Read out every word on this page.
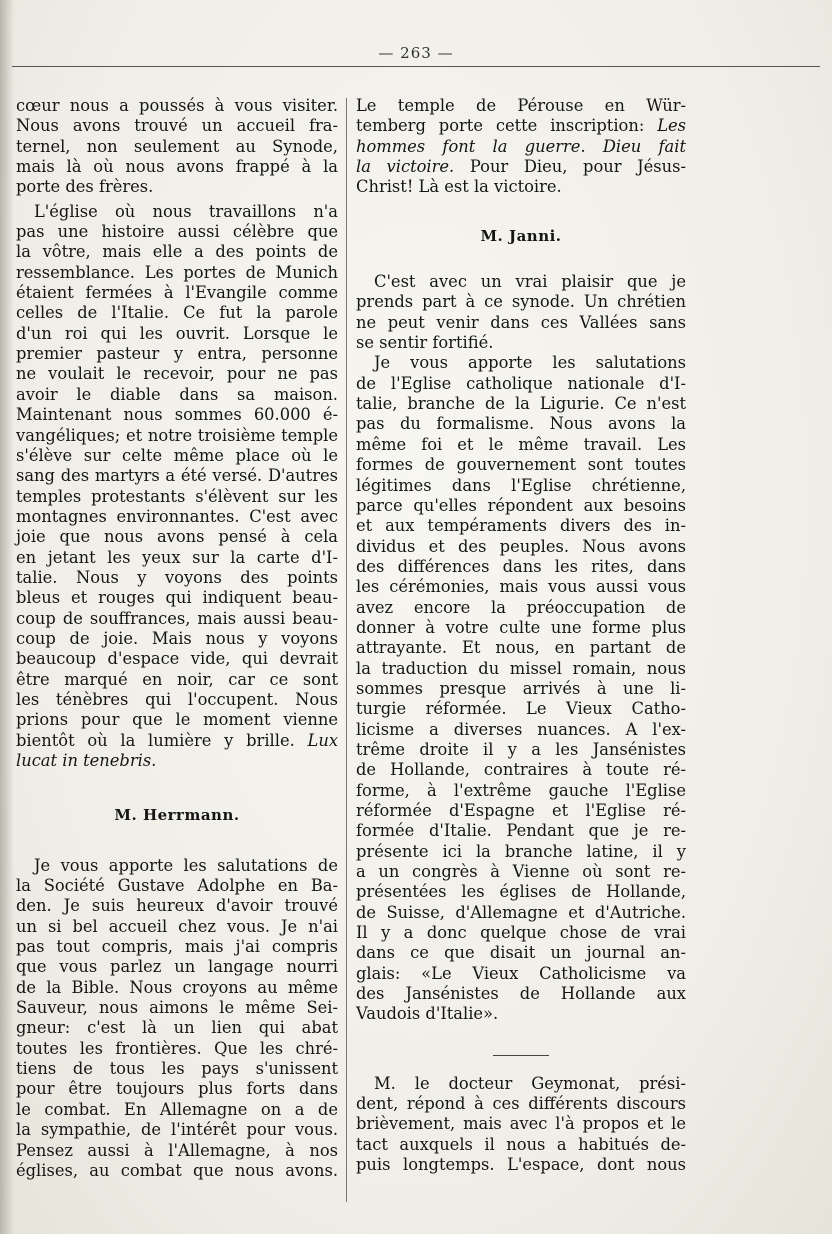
— 263 —
cœur nous a poussés à vous visiter.
Nous avons trouvé un accueil fra-
ternel, non seulement au Synode,
mais là où nous avons frappé à la
porte des frères.
L'église où nous travaillons n'a
pas une histoire aussi célèbre que
la vôtre, mais elle a des points de
ressemblance. Les portes de Munich
étaient fermées à l'Evangile comme
celles de l'Italie. Ce fut la parole
d'un roi qui les ouvrit. Lorsque le
premier pasteur y entra, personne
ne voulait le recevoir, pour ne pas
avoir le diable dans sa maison.
Maintenant nous sommes 60.000 é-
vangéliques; et notre troisième temple
s'élève sur celte même place où le
sang des martyrs a été versé. D'autres
temples protestants s'élèvent sur les
montagnes environnantes. C'est avec
joie que nous avons pensé à cela
en jetant les yeux sur la carte d'I-
talie. Nous y voyons des points
bleus et rouges qui indiquent beau-
coup de souffrances, mais aussi beau-
coup de joie. Mais nous y voyons
beaucoup d'espace vide, qui devrait
être marqué en noir, car ce sont
les ténèbres qui l'occupent. Nous
prions pour que le moment vienne
bientôt où la lumière y brille. Lux
lucat in tenebris.
M. Herrmann.
Je vous apporte les salutations de
la Société Gustave Adolphe en Ba-
den. Je suis heureux d'avoir trouvé
un si bel accueil chez vous. Je n'ai
pas tout compris, mais j'ai compris
que vous parlez un langage nourri
de la Bible. Nous croyons au même
Sauveur, nous aimons le même Sei-
gneur: c'est là un lien qui abat
toutes les frontières. Que les chré-
tiens de tous les pays s'unissent
pour être toujours plus forts dans
le combat. En Allemagne on a de
la sympathie, de l'intérêt pour vous.
Pensez aussi à l'Allemagne, à nos
églises, au combat que nous avons.
Le temple de Pérouse en Wür-
temberg porte cette inscription: Les
hommes font la guerre. Dieu fait
la victoire. Pour Dieu, pour Jésus-
Christ! Là est la victoire.
M. Janni.
C'est avec un vrai plaisir que je
prends part à ce synode. Un chrétien
ne peut venir dans ces Vallées sans
se sentir fortifié.
Je vous apporte les salutations
de l'Eglise catholique nationale d'I-
talie, branche de la Ligurie. Ce n'est
pas du formalisme. Nous avons la
même foi et le même travail. Les
formes de gouvernement sont toutes
légitimes dans l'Eglise chrétienne,
parce qu'elles répondent aux besoins
et aux tempéraments divers des in-
dividus et des peuples. Nous avons
des différences dans les rites, dans
les cérémonies, mais vous aussi vous
avez encore la préoccupation de
donner à votre culte une forme plus
attrayante. Et nous, en partant de
la traduction du missel romain, nous
sommes presque arrivés à une li-
turgie réformée. Le Vieux Catho-
licisme a diverses nuances. A l'ex-
trême droite il y a les Jansénistes
de Hollande, contraires à toute ré-
forme, à l'extrême gauche l'Eglise
réformée d'Espagne et l'Eglise ré-
formée d'Italie. Pendant que je re-
présente ici la branche latine, il y
a un congrès à Vienne où sont re-
présentées les églises de Hollande,
de Suisse, d'Allemagne et d'Autriche.
Il y a donc quelque chose de vrai
dans ce que disait un journal an-
glais: «Le Vieux Catholicisme va
des Jansénistes de Hollande aux
Vaudois d'Italie».
M. le docteur Geymonat, prési-
dent, répond à ces différents discours
brièvement, mais avec l'à propos et le
tact auxquels il nous a habitués de-
puis longtemps. L'espace, dont nous
